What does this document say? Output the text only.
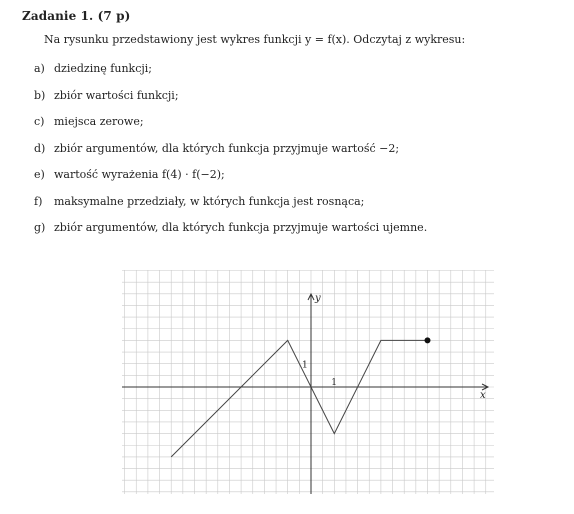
Zadanie 1. (7 p)
Na rysunku przedstawiony jest wykres funkcji y = f(x). Odczytaj z wykresu:
a) dziedzinę funkcji;
b) zbiór wartości funkcji;
c) miejsca zerowe;
d) zbiór argumentów, dla których funkcja przyjmuje wartość −2;
e) wartość wyrażenia f(4) · f(−2);
f)	maksymalne przedziały, w których funkcja jest rosnąca;
g) zbiór argumentów, dla których funkcja przyjmuje wartości ujemne.
x
y
1
1
